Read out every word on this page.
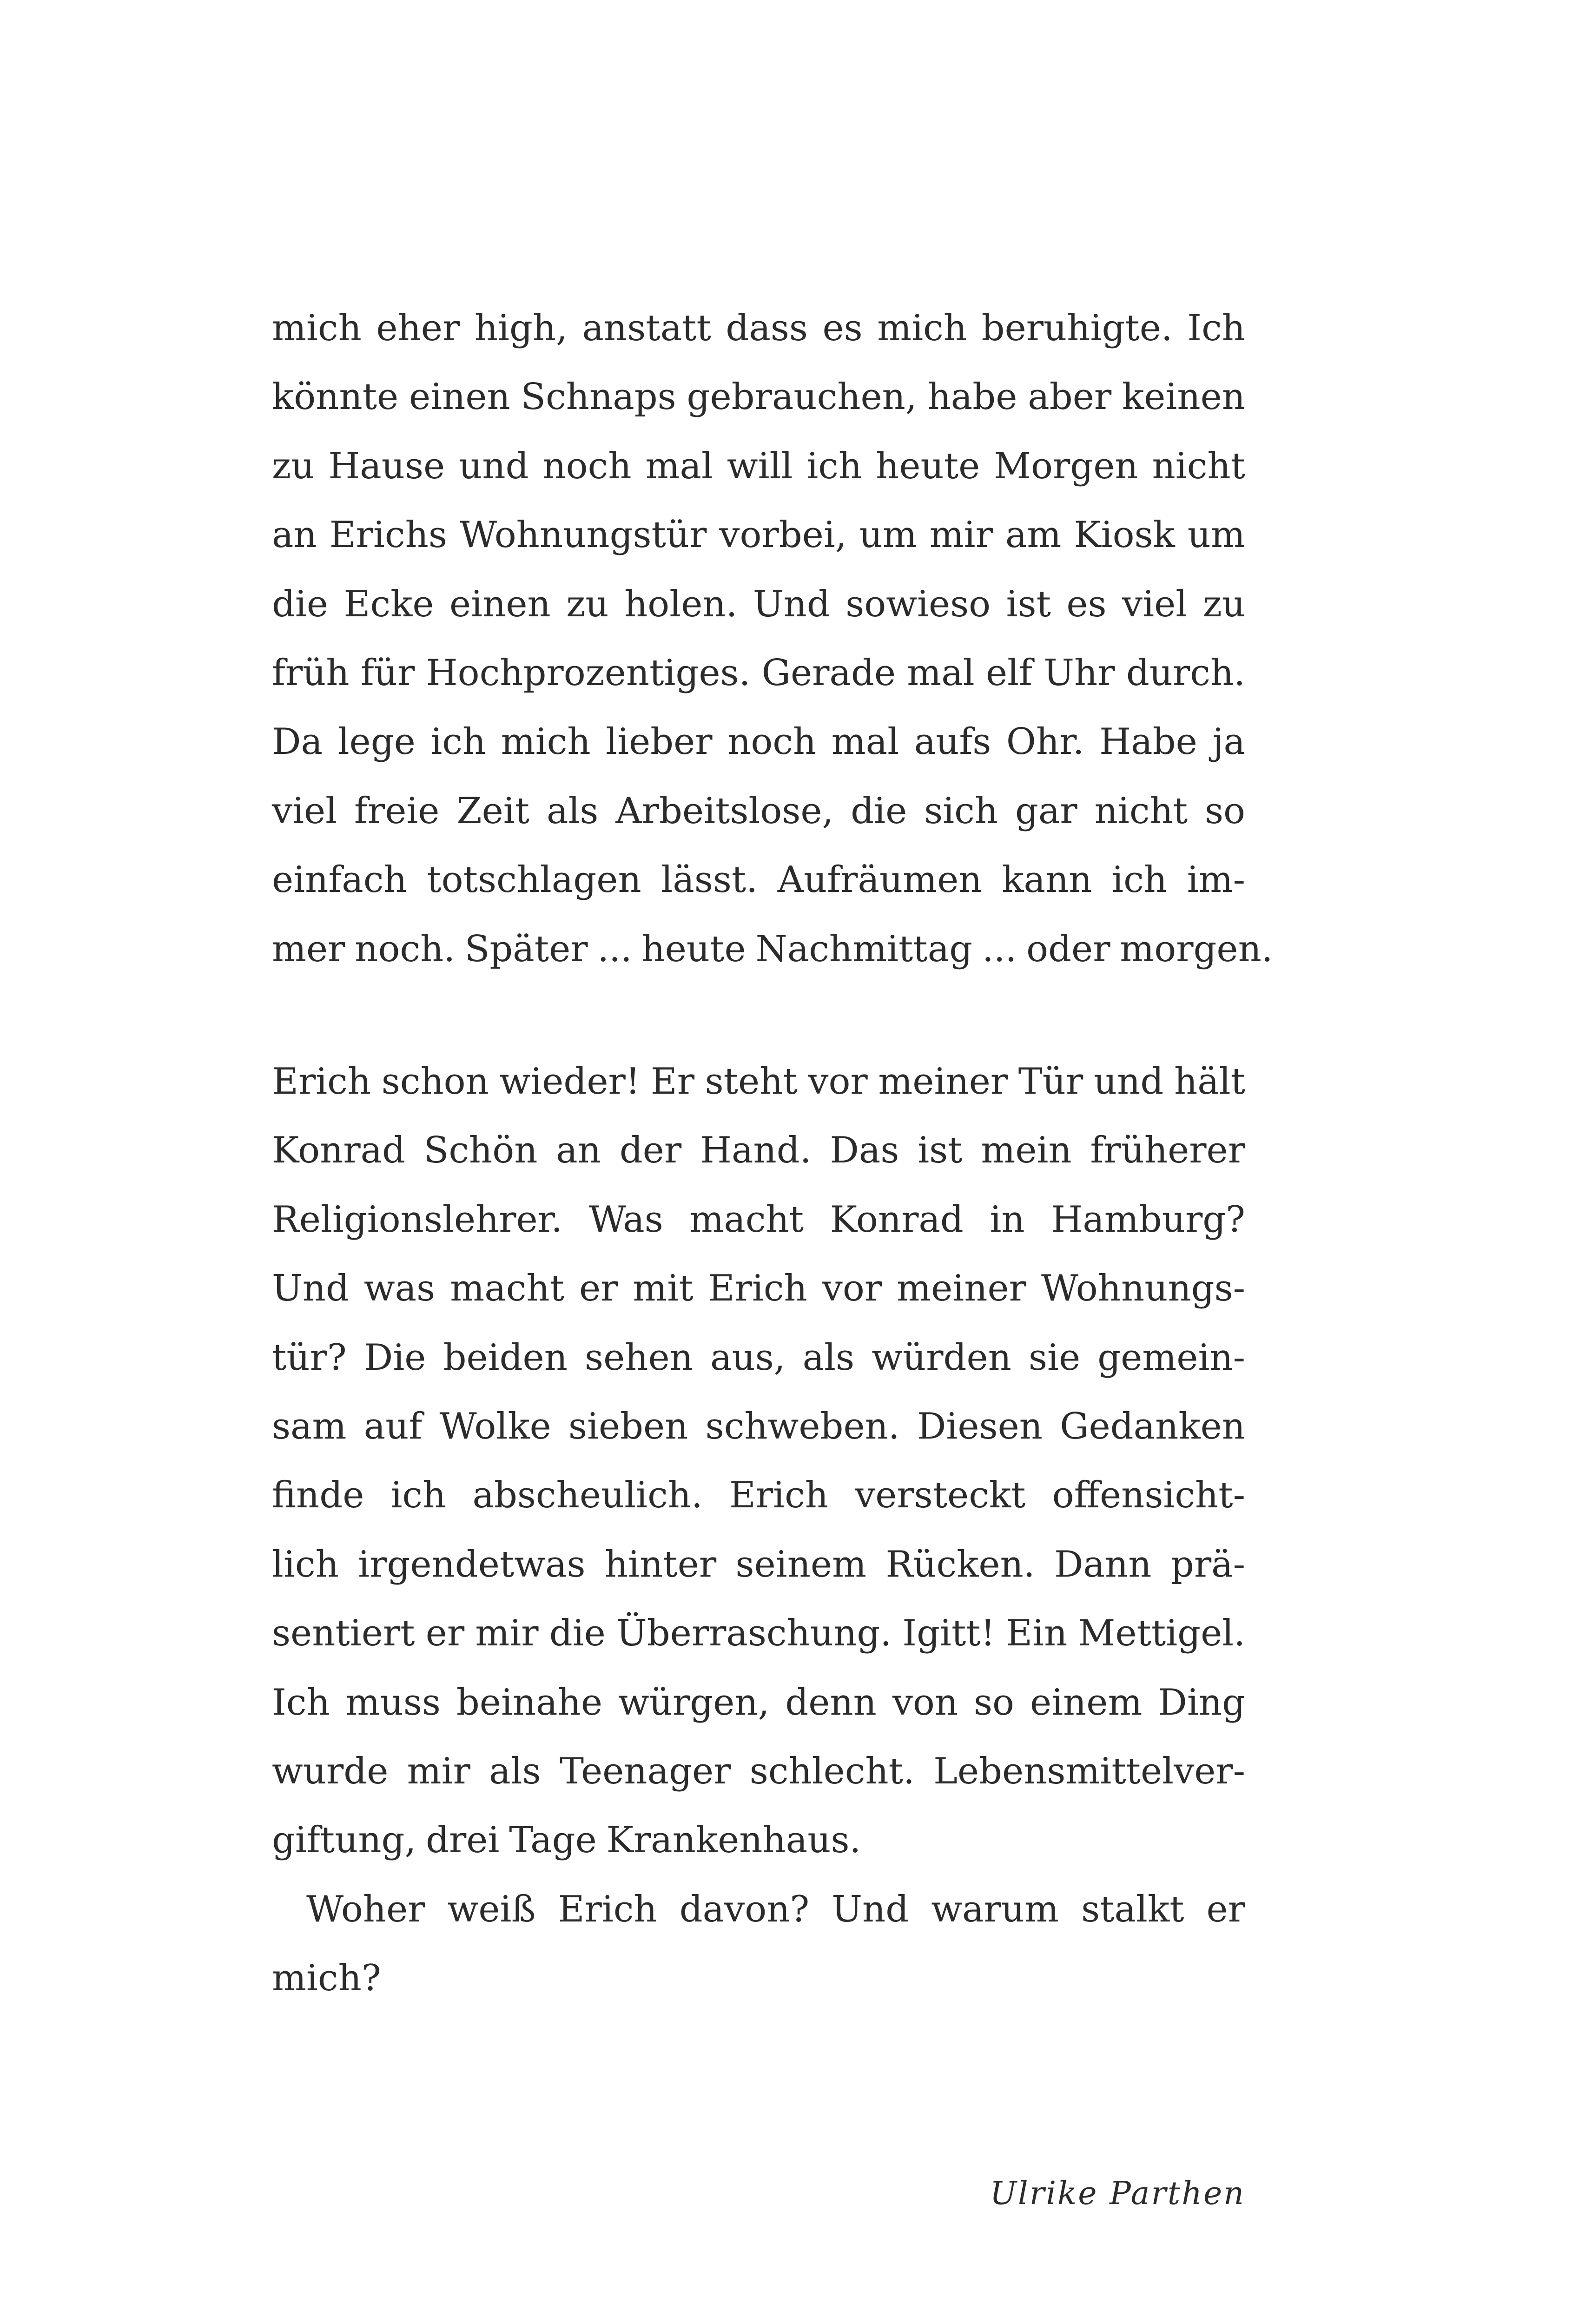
mich eher high, anstatt dass es mich beruhigte. Ich
könnte einen Schnaps gebrauchen, habe aber keinen
zu Hause und noch mal will ich heute Morgen nicht
an Erichs Wohnungstür vorbei, um mir am Kiosk um
die Ecke einen zu holen. Und sowieso ist es viel zu
früh für Hochprozentiges. Gerade mal elf Uhr durch.
Da lege ich mich lieber noch mal aufs Ohr. Habe ja
viel freie Zeit als Arbeitslose, die sich gar nicht so
einfach totschlagen lässt. Aufräumen kann ich im-
mer noch. Später ... heute Nachmittag ... oder morgen.
Erich schon wieder! Er steht vor meiner Tür und hält
Konrad Schön an der Hand. Das ist mein früherer
Religionslehrer. Was macht Konrad in Hamburg?
Und was macht er mit Erich vor meiner Wohnungs-
tür? Die beiden sehen aus, als würden sie gemein-
sam auf Wolke sieben schweben. Diesen Gedanken
finde ich abscheulich. Erich versteckt offensicht-
lich irgendetwas hinter seinem Rücken. Dann prä-
sentiert er mir die Überraschung. Igitt! Ein Mettigel.
Ich muss beinahe würgen, denn von so einem Ding
wurde mir als Teenager schlecht. Lebensmittelver-
giftung, drei Tage Krankenhaus.
Woher weiß Erich davon? Und warum stalkt er
mich?
Ulrike Parthen
